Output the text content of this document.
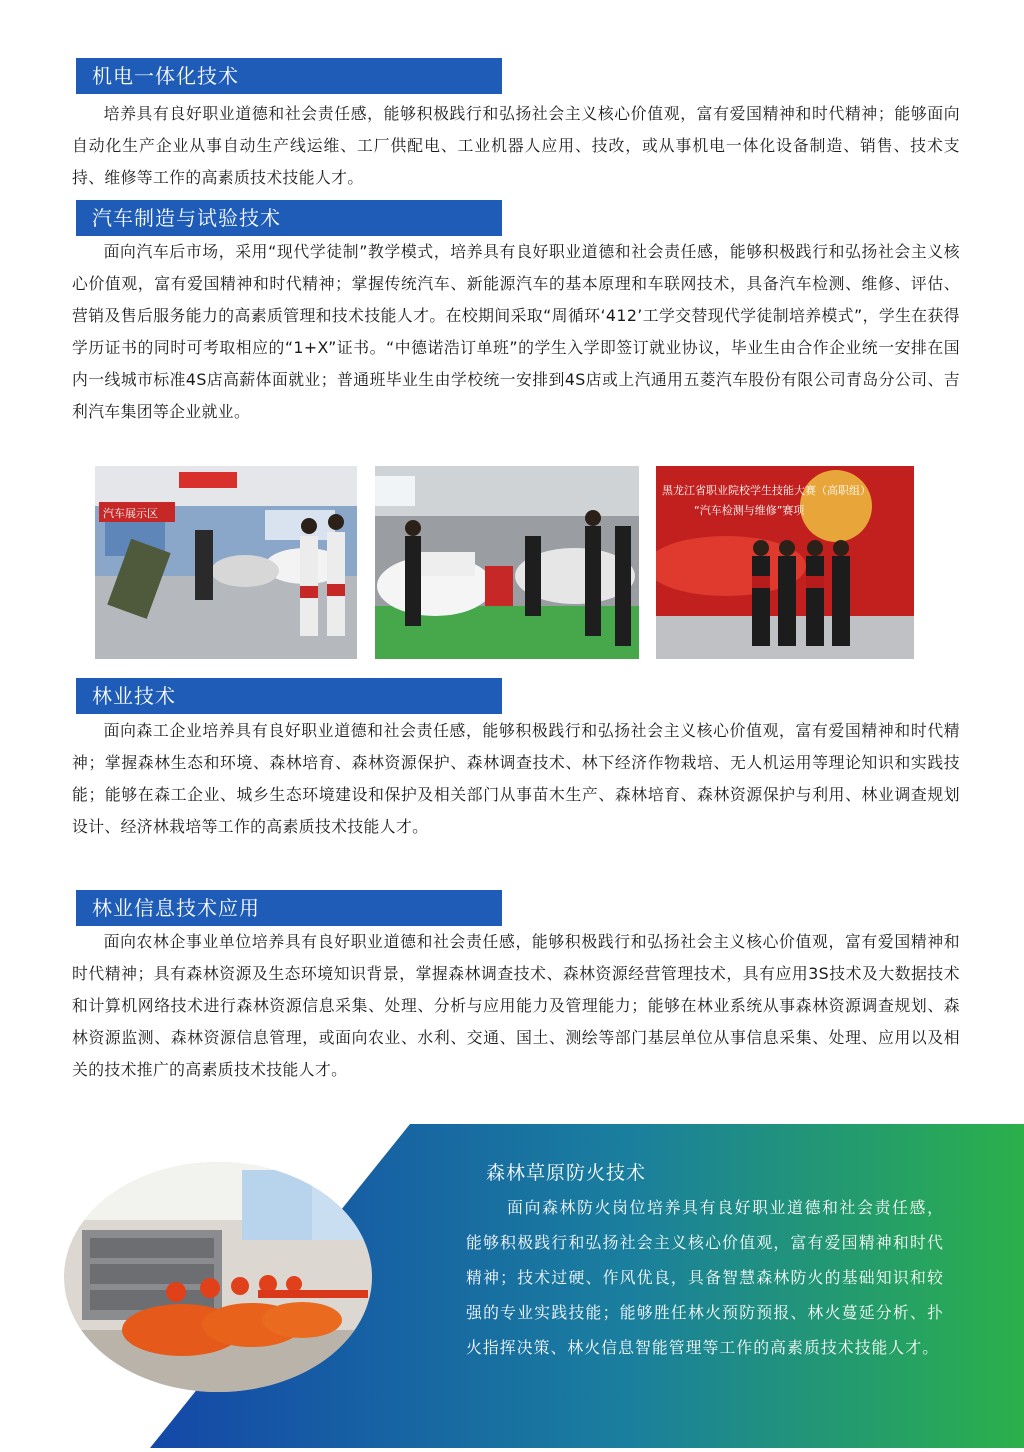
机电一体化技术

培养具有良好职业道德和社会责任感，能够积极践行和弘扬社会主义核心价值观，富有爱国精神和时代精神；能够面向自动化生产企业从事自动生产线运维、工厂供配电、工业机器人应用、技改，或从事机电一体化设备制造、销售、技术支持、维修等工作的高素质技术技能人才。

汽车制造与试验技术

面向汽车后市场，采用“现代学徒制”教学模式，培养具有良好职业道德和社会责任感，能够积极践行和弘扬社会主义核心价值观，富有爱国精神和时代精神；掌握传统汽车、新能源汽车的基本原理和车联网技术，具备汽车检测、维修、评估、营销及售后服务能力的高素质管理和技术技能人才。在校期间采取“周循环‘412’工学交替现代学徒制培养模式”，学生在获得学历证书的同时可考取相应的“1+X”证书。“中德诺浩订单班”的学生入学即签订就业协议，毕业生由合作企业统一安排在国内一线城市标准4S店高薪体面就业；普通班毕业生由学校统一安排到4S店或上汽通用五菱汽车股份有限公司青岛分公司、吉利汽车集团等企业就业。

汽车展示区
黑龙江省职业院校学生技能大赛（高职组）
“汽车检测与维修”赛项
林业技术

面向森工企业培养具有良好职业道德和社会责任感，能够积极践行和弘扬社会主义核心价值观，富有爱国精神和时代精神；掌握森林生态和环境、森林培育、森林资源保护、森林调查技术、林下经济作物栽培、无人机运用等理论知识和实践技能；能够在森工企业、城乡生态环境建设和保护及相关部门从事苗木生产、森林培育、森林资源保护与利用、林业调查规划设计、经济林栽培等工作的高素质技术技能人才。

林业信息技术应用

面向农林企事业单位培养具有良好职业道德和社会责任感，能够积极践行和弘扬社会主义核心价值观，富有爱国精神和时代精神；具有森林资源及生态环境知识背景，掌握森林调查技术、森林资源经营管理技术，具有应用3S技术及大数据技术和计算机网络技术进行森林资源信息采集、处理、分析与应用能力及管理能力；能够在林业系统从事森林资源调查规划、森林资源监测、森林资源信息管理，或面向农业、水利、交通、国土、测绘等部门基层单位从事信息采集、处理、应用以及相关的技术推广的高素质技术技能人才。

森林草原防火技术

面向森林防火岗位培养具有良好职业道德和社会责任感，能够积极践行和弘扬社会主义核心价值观，富有爱国精神和时代精神；技术过硬、作风优良，具备智慧森林防火的基础知识和较强的专业实践技能；能够胜任林火预防预报、林火蔓延分析、扑火指挥决策、林火信息智能管理等工作的高素质技术技能人才。
